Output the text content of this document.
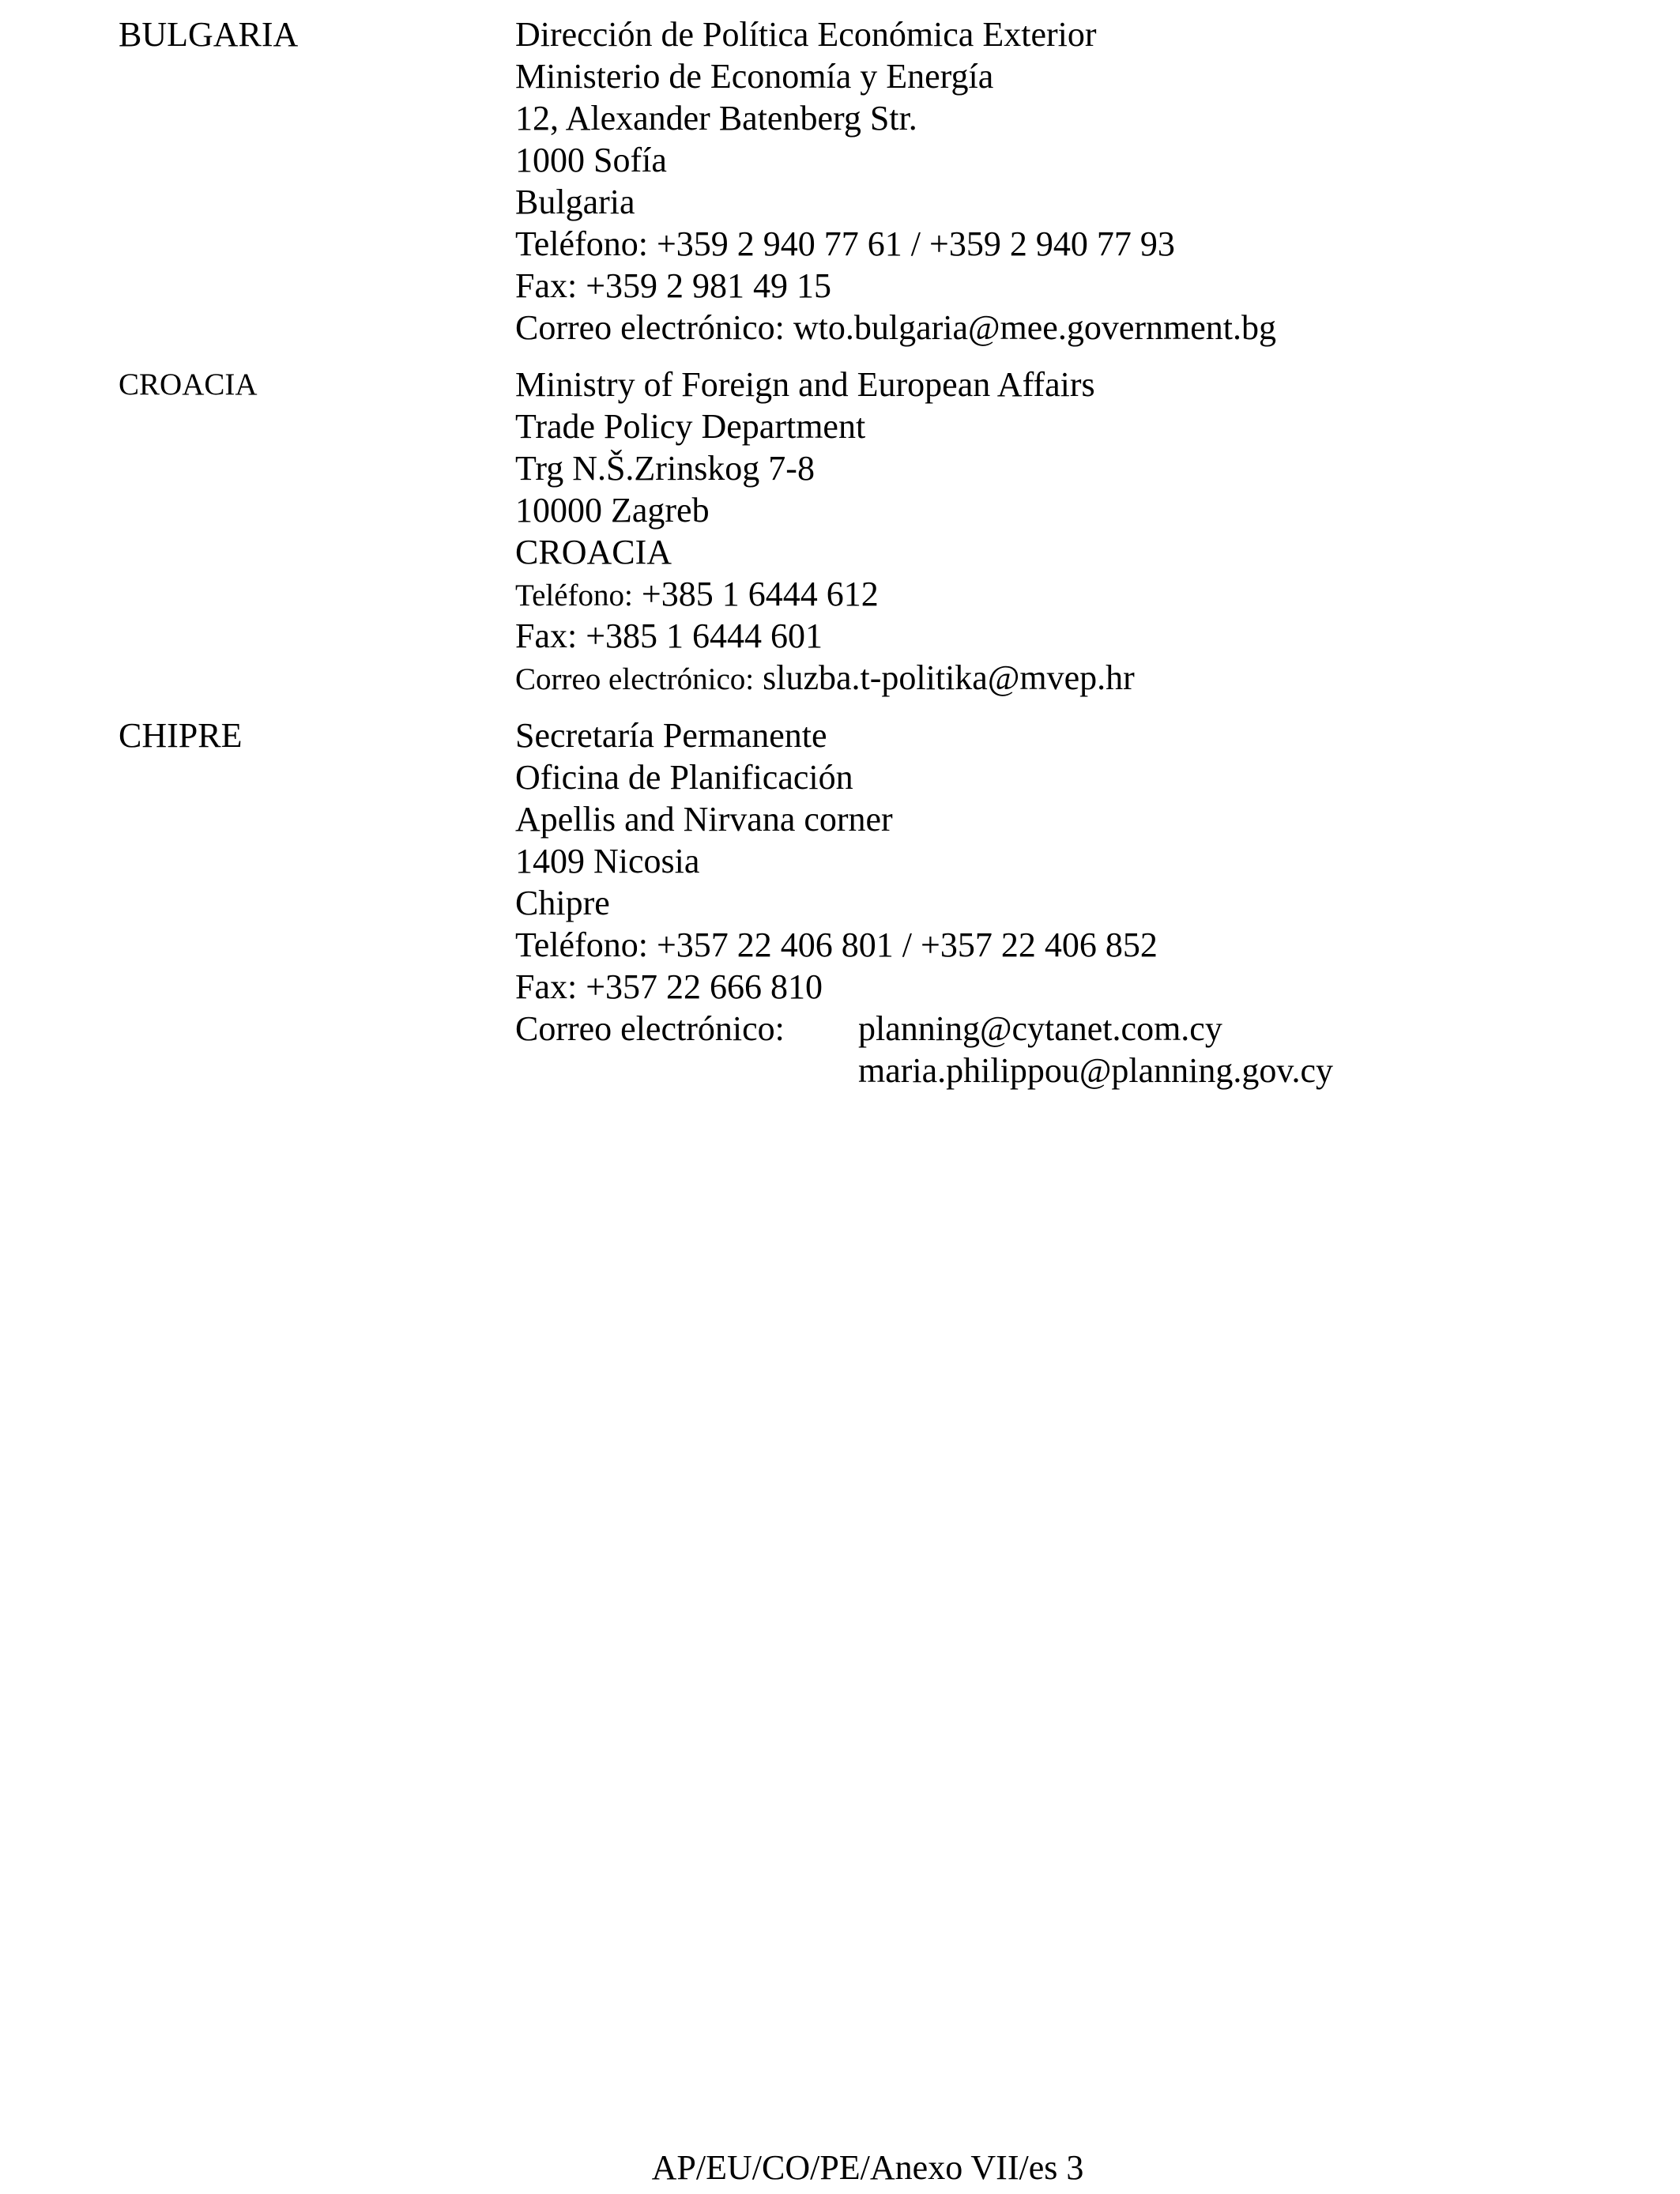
BULGARIA	Dirección de Política Económica Exterior
Ministerio de Economía y Energía
12, Alexander Batenberg Str.
1000 Sofía
Bulgaria
Teléfono: +359 2 940 77 61 / +359 2 940 77 93
Fax: +359 2 981 49 15
Correo electrónico: wto.bulgaria@mee.government.bg
CROACIA	Ministry of Foreign and European Affairs
Trade Policy Department
Trg N.Š.Zrinskog 7-8
10000 Zagreb
CROACIA
Teléfono: +385 1 6444 612
Fax: +385 1 6444 601
Correo electrónico: sluzba.t-politika@mvep.hr
CHIPRE	Secretaría Permanente
Oficina de Planificación
Apellis and Nirvana corner
1409 Nicosia
Chipre
Teléfono: +357 22 406 801 / +357 22 406 852
Fax: +357 22 666 810
Correo electrónico:	planning@cytanet.com.cy
maria.philippou@planning.gov.cy
AP/EU/CO/PE/Anexo VII/es 3
